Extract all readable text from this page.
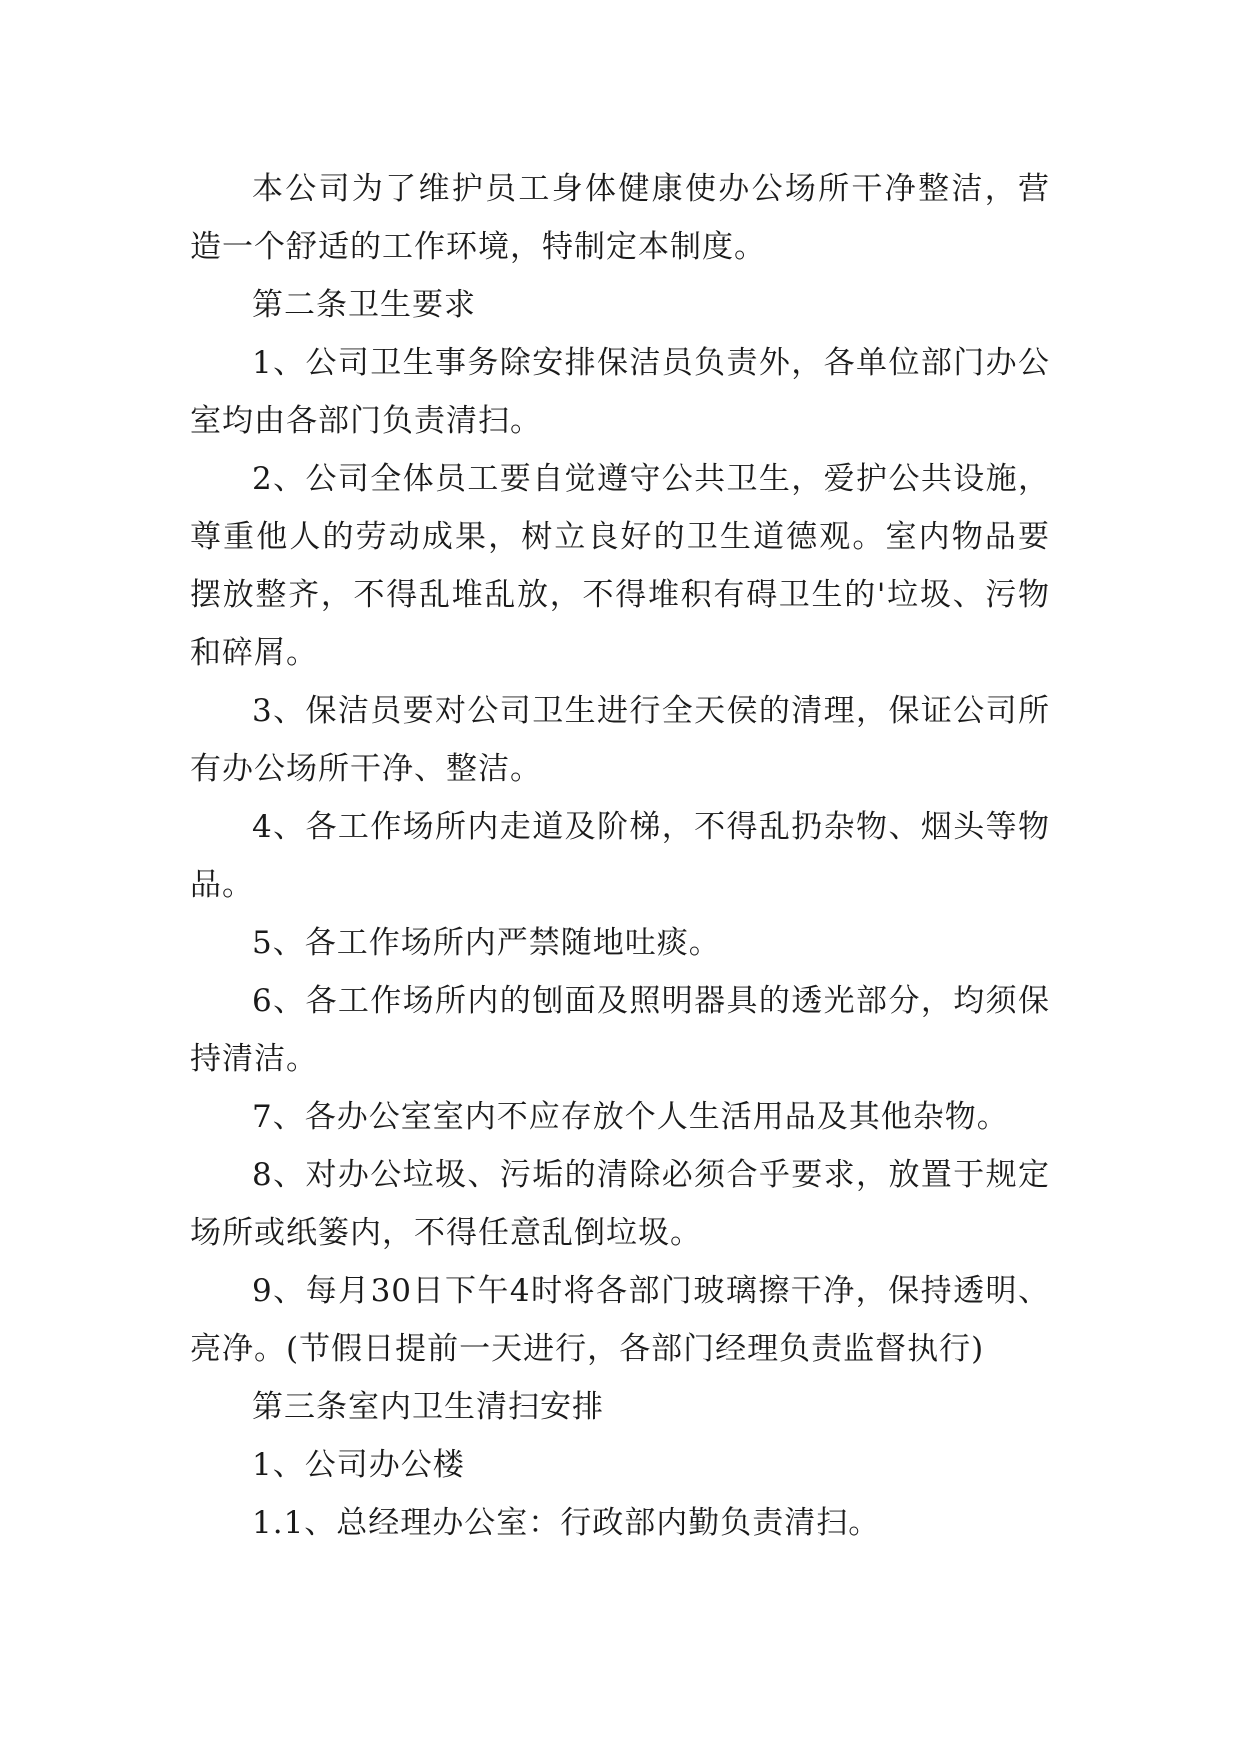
本公司为了维护员工身体健康使办公场所干净整洁，营造一个舒适的工作环境，特制定本制度。

第二条卫生要求

1、公司卫生事务除安排保洁员负责外，各单位部门办公室均由各部门负责清扫。

2、公司全体员工要自觉遵守公共卫生，爱护公共设施，尊重他人的劳动成果，树立良好的卫生道德观。室内物品要摆放整齐，不得乱堆乱放，不得堆积有碍卫生的'垃圾、污物和碎屑。

3、保洁员要对公司卫生进行全天侯的清理，保证公司所有办公场所干净、整洁。

4、各工作场所内走道及阶梯，不得乱扔杂物、烟头等物品。

5、各工作场所内严禁随地吐痰。

6、各工作场所内的刨面及照明器具的透光部分，均须保持清洁。

7、各办公室室内不应存放个人生活用品及其他杂物。

8、对办公垃圾、污垢的清除必须合乎要求，放置于规定场所或纸篓内，不得任意乱倒垃圾。

9、每月30日下午4时将各部门玻璃擦干净，保持透明、亮净。(节假日提前一天进行，各部门经理负责监督执行)

第三条室内卫生清扫安排

1、公司办公楼

1.1、总经理办公室：行政部内勤负责清扫。
